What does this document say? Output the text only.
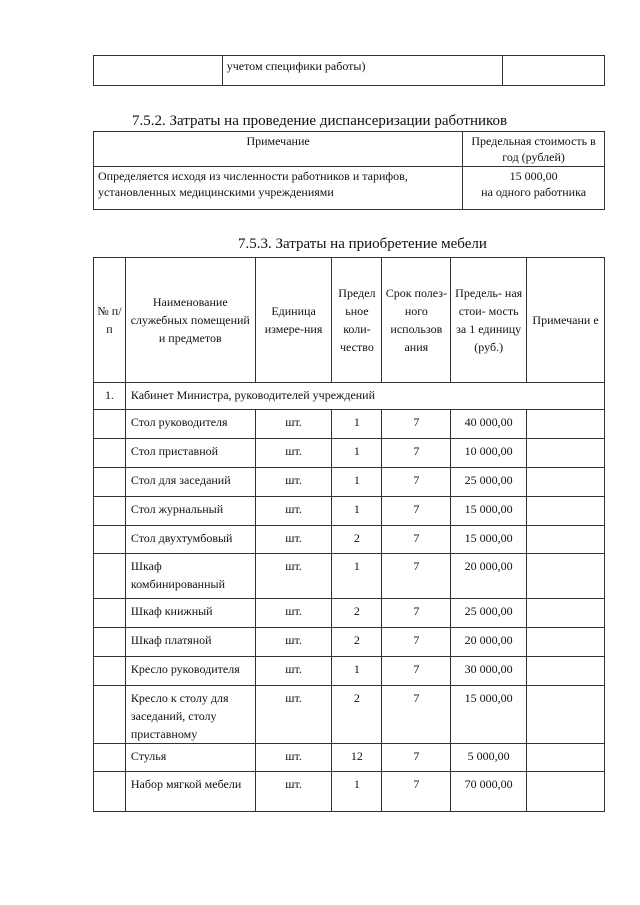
	учетом специфики работы)	
7.5.2. Затраты на проведение диспансеризации работников
Примечание	Предельная стоимость в год (рублей)
Определяется исходя из численности работников и тарифов, установленных медицинскими учреждениями	15 000,00
на одного работника
7.5.3. Затраты на приобретение мебели
№ п/п	Наименование служебных помещений и предметов	Единица измере-ния	Предел ьное коли- чество	Срок полез- ного использов ания	Предель- ная стои- мость за 1 единицу (руб.)	Примечани е
1.	Кабинет Министра, руководителей учреждений					
	Стол руководителя	шт.	1	7	40 000,00	
	Стол приставной	шт.	1	7	10 000,00	
	Стол для заседаний	шт.	1	7	25 000,00	
	Стол журнальный	шт.	1	7	15 000,00	
	Стол двухтумбовый	шт.	2	7	15 000,00	
	Шкаф комбинированный	шт.	1	7	20 000,00	
	Шкаф книжный	шт.	2	7	25 000,00	
	Шкаф платяной	шт.	2	7	20 000,00	
	Кресло руководителя	шт.	1	7	30 000,00	
	Кресло к столу для заседаний, столу приставному	шт.	2	7	15 000,00	
	Стулья	шт.	12	7	5 000,00	
	Набор мягкой мебели	шт.	1	7	70 000,00	
